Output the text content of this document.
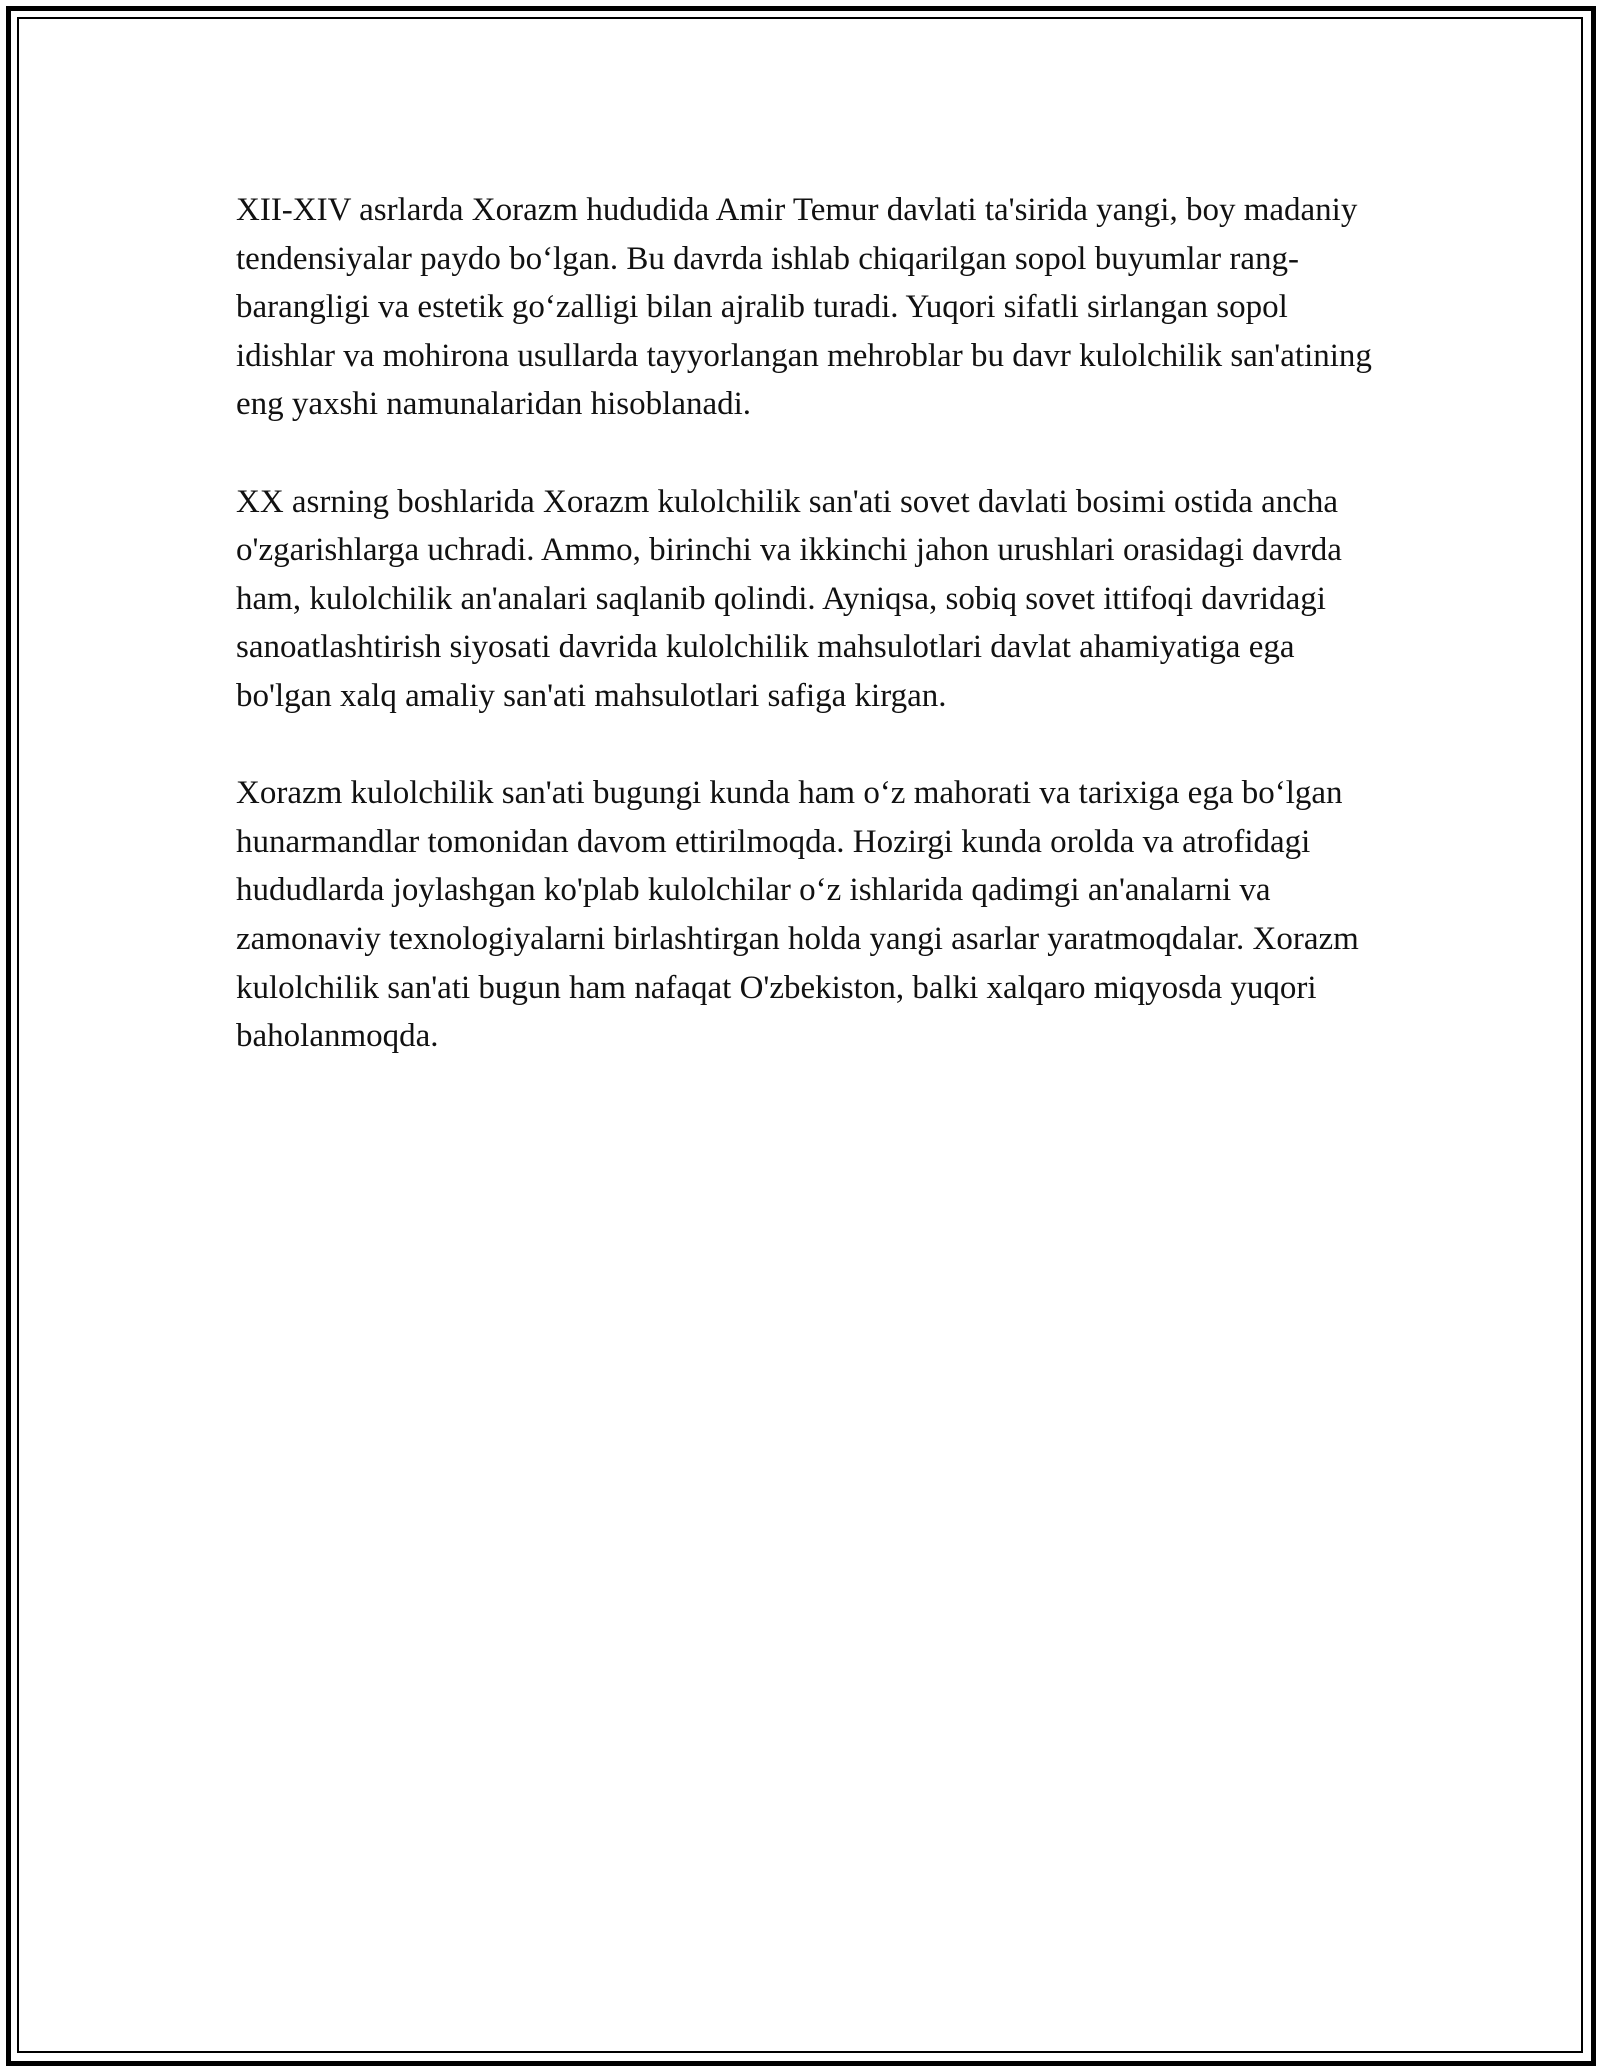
XII-XIV asrlarda Xorazm hududida Amir Temur davlati ta'sirida yangi, boy madaniy tendensiyalar paydo bo‘lgan. Bu davrda ishlab chiqarilgan sopol buyumlar rang-barangligi va estetik go‘zalligi bilan ajralib turadi. Yuqori sifatli sirlangan sopol idishlar va mohirona usullarda tayyorlangan mehroblar bu davr kulolchilik san'atining eng yaxshi namunalaridan hisoblanadi.

XX asrning boshlarida Xorazm kulolchilik san'ati sovet davlati bosimi ostida ancha o'zgarishlarga uchradi. Ammo, birinchi va ikkinchi jahon urushlari orasidagi davrda ham, kulolchilik an'analari saqlanib qolindi. Ayniqsa, sobiq sovet ittifoqi davridagi sanoatlashtirish siyosati davrida kulolchilik mahsulotlari davlat ahamiyatiga ega bo'lgan xalq amaliy san'ati mahsulotlari safiga kirgan.

Xorazm kulolchilik san'ati bugungi kunda ham o‘z mahorati va tarixiga ega bo‘lgan hunarmandlar tomonidan davom ettirilmoqda. Hozirgi kunda orolda va atrofidagi hududlarda joylashgan ko'plab kulolchilar o‘z ishlarida qadimgi an'analarni va zamonaviy texnologiyalarni birlashtirgan holda yangi asarlar yaratmoqdalar. Xorazm kulolchilik san'ati bugun ham nafaqat O'zbekiston, balki xalqaro miqyosda yuqori baholanmoqda.
